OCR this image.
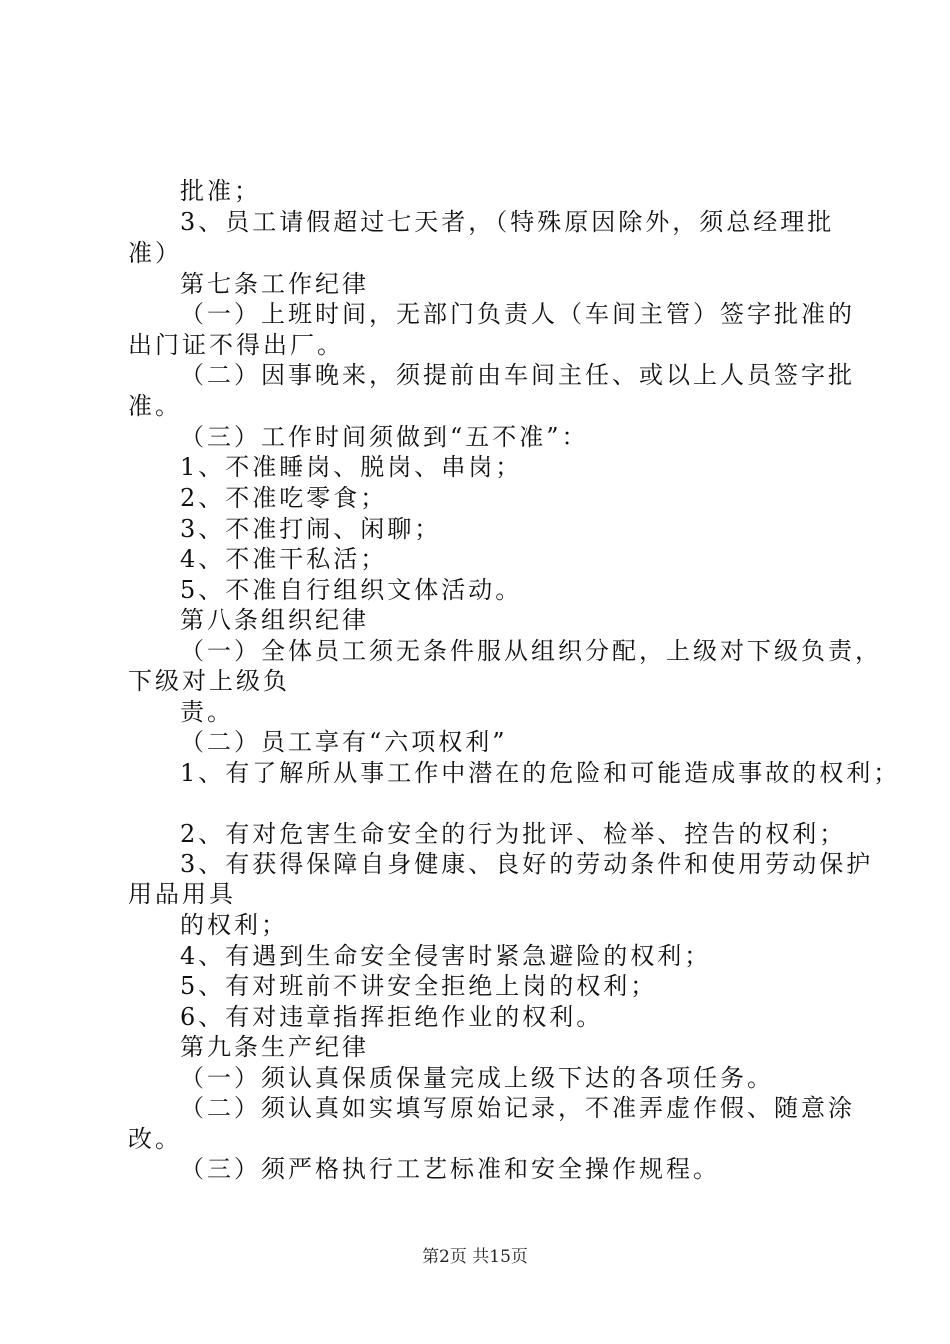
批准；
3、员工请假超过七天者，（特殊原因除外，须总经理批
准）
第七条工作纪律
（一）上班时间，无部门负责人（车间主管）签字批准的
出门证不得出厂。
（二）因事晚来，须提前由车间主任、或以上人员签字批
准。
（三）工作时间须做到“五不准”：
1、不准睡岗、脱岗、串岗；
2、不准吃零食；
3、不准打闹、闲聊；
4、不准干私活；
5、不准自行组织文体活动。
第八条组织纪律
（一）全体员工须无条件服从组织分配，上级对下级负责，
下级对上级负
责。
（二）员工享有“六项权利”
1、有了解所从事工作中潜在的危险和可能造成事故的权利；
2、有对危害生命安全的行为批评、检举、控告的权利；
3、有获得保障自身健康、良好的劳动条件和使用劳动保护
用品用具
的权利；
4、有遇到生命安全侵害时紧急避险的权利；
5、有对班前不讲安全拒绝上岗的权利；
6、有对违章指挥拒绝作业的权利。
第九条生产纪律
（一）须认真保质保量完成上级下达的各项任务。
（二）须认真如实填写原始记录，不准弄虚作假、随意涂
改。
（三）须严格执行工艺标准和安全操作规程。
第2页 共15页
